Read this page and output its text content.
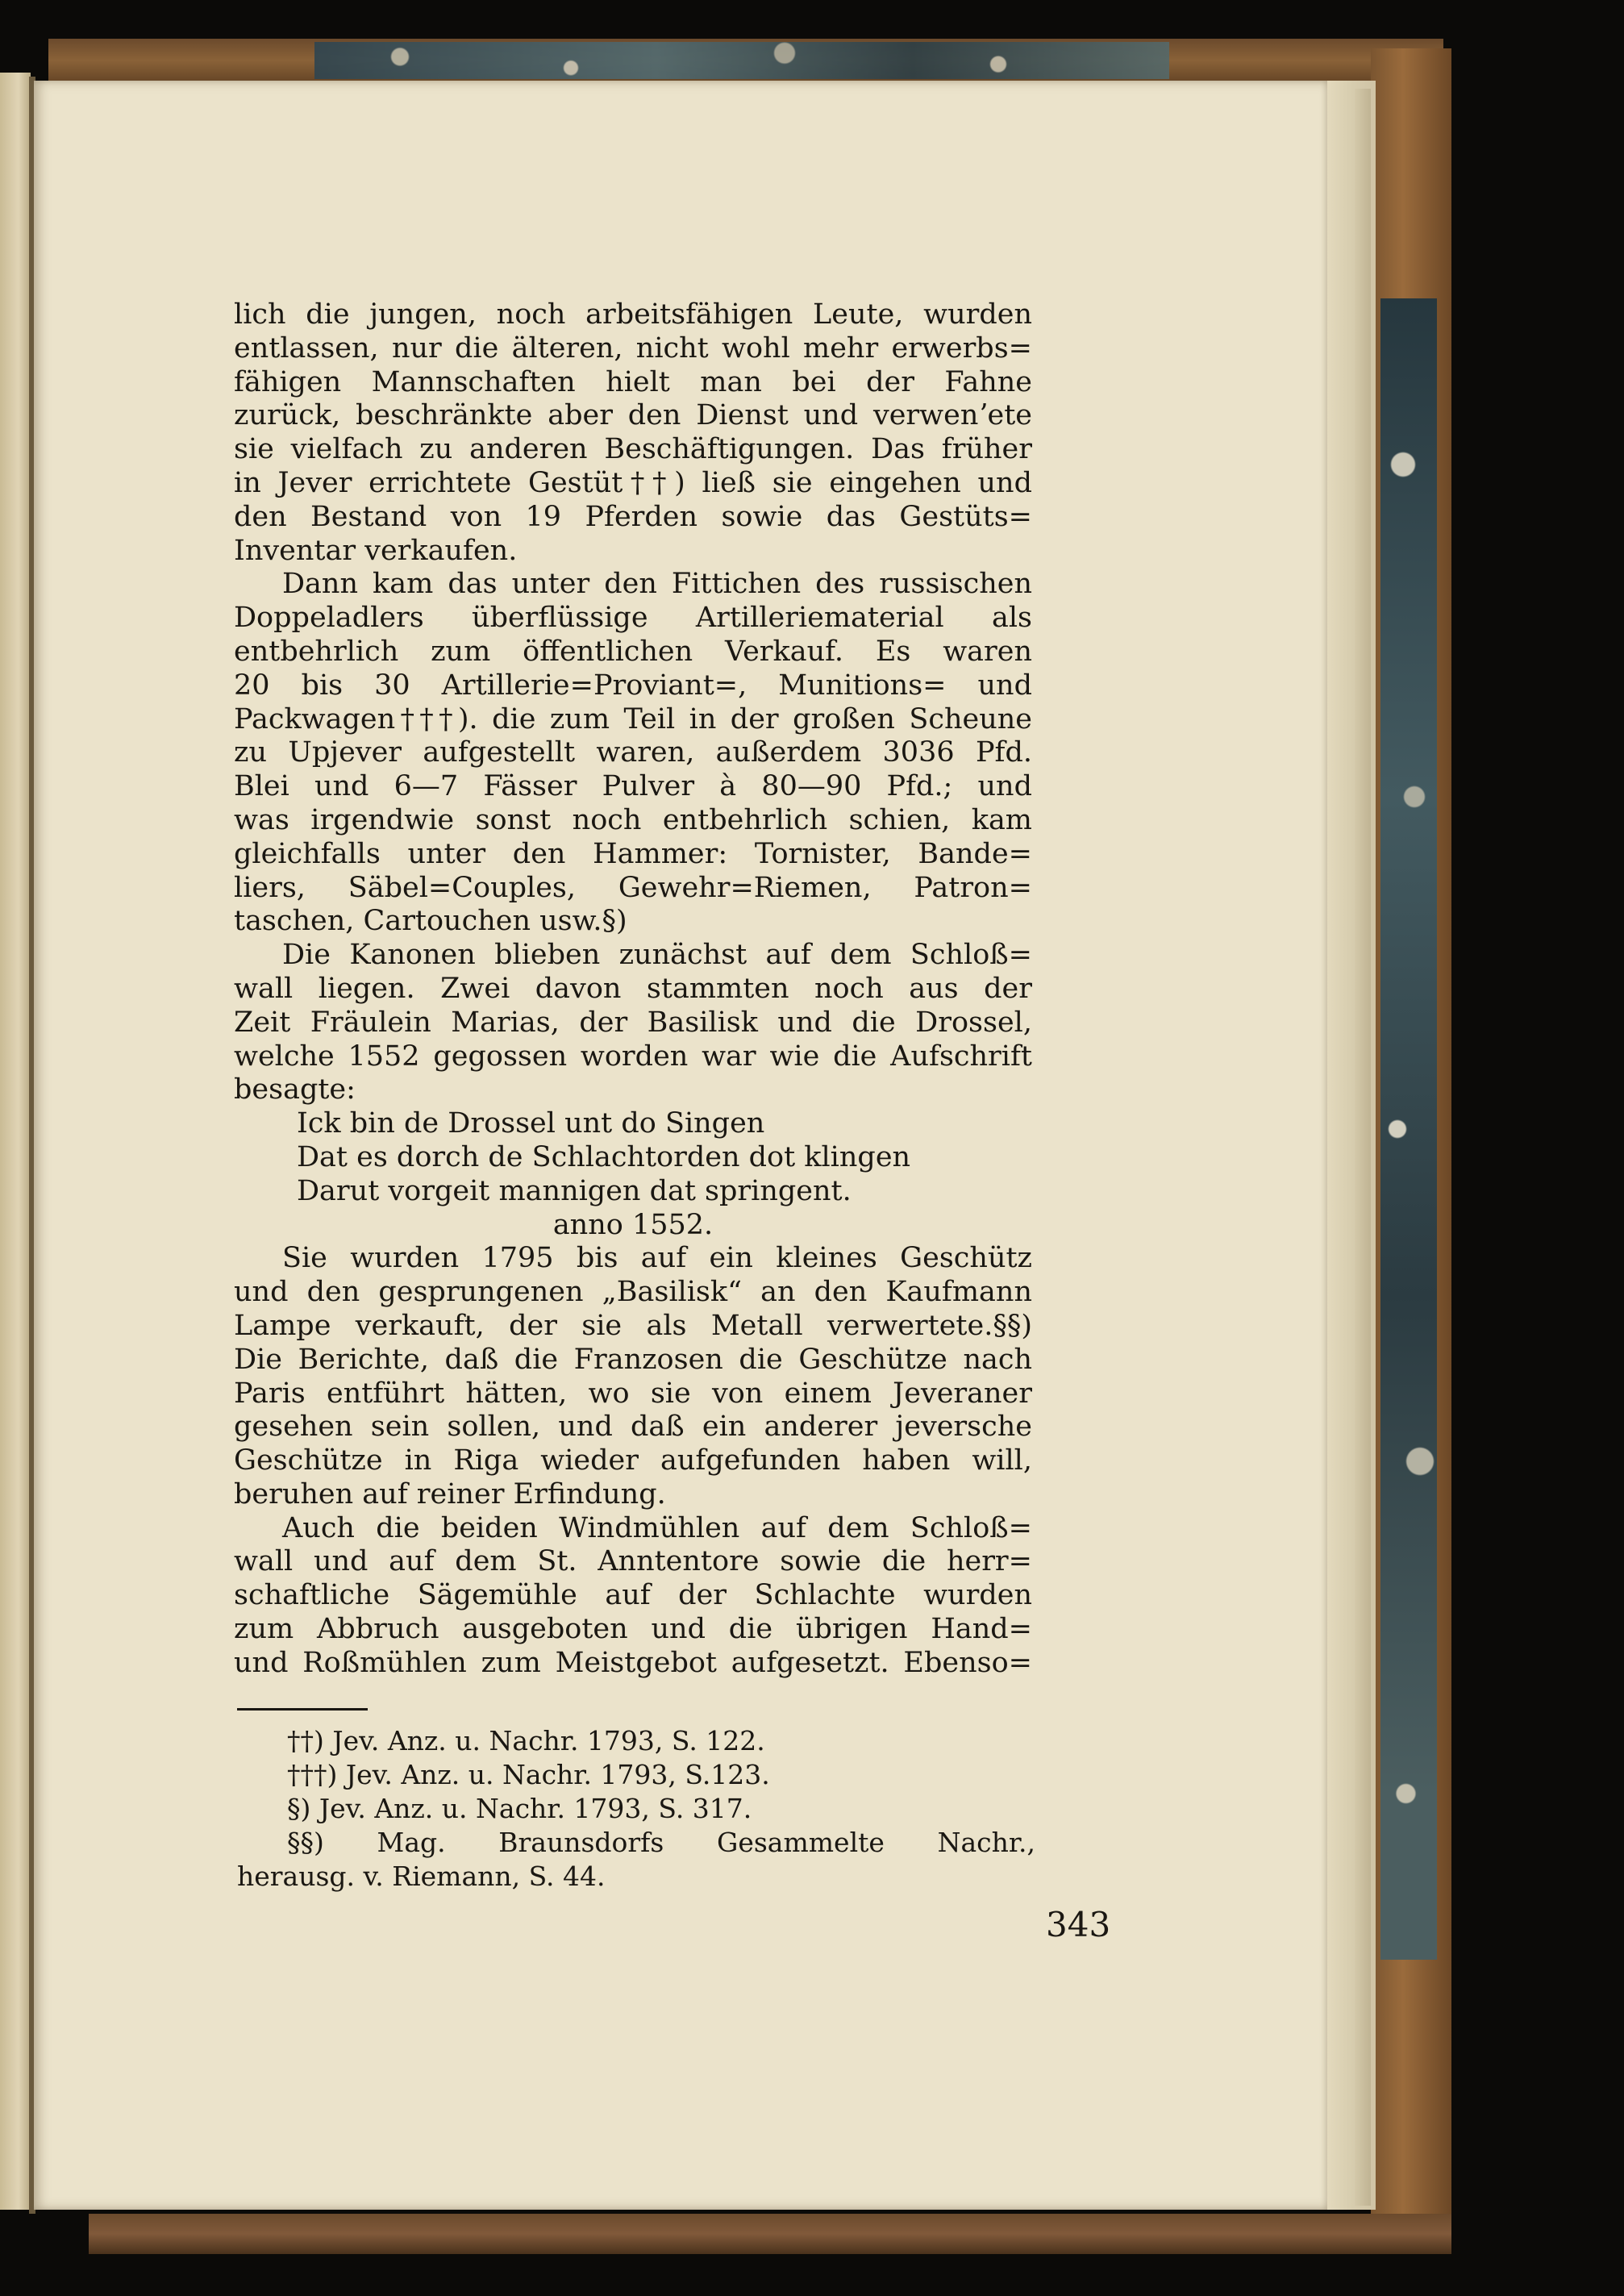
lich die jungen, noch arbeitsfähigen Leute, wurden
entlassen, nur die älteren, nicht wohl mehr erwerbs=
fähigen Mannschaften hielt man bei der Fahne
zurück, beschränkte aber den Dienst und verwenʼete
sie vielfach zu anderen Beschäftigungen. Das früher
in Jever errichtete Gestüt††) ließ sie eingehen und
den Bestand von 19 Pferden sowie das Gestüts=
Inventar verkaufen.
Dann kam das unter den Fittichen des russischen
Doppeladlers überflüssige Artilleriematerial als
entbehrlich zum öffentlichen Verkauf. Es waren
20 bis 30 Artillerie=Proviant=, Munitions= und
Packwagen†††). die zum Teil in der großen Scheune
zu Upjever aufgestellt waren, außerdem 3036 Pfd.
Blei und 6—7 Fässer Pulver à 80—90 Pfd.; und
was irgendwie sonst noch entbehrlich schien, kam
gleichfalls unter den Hammer: Tornister, Bande=
liers, Säbel=Couples, Gewehr=Riemen, Patron=
taschen, Cartouchen usw.§)
Die Kanonen blieben zunächst auf dem Schloß=
wall liegen. Zwei davon stammten noch aus der
Zeit Fräulein Marias, der Basilisk und die Drossel,
welche 1552 gegossen worden war wie die Aufschrift
besagte:
Ick bin de Drossel unt do Singen
Dat es dorch de Schlachtorden dot klingen
Darut vorgeit mannigen dat springent.
anno 1552.
Sie wurden 1795 bis auf ein kleines Geschütz
und den gesprungenen „Basilisk“ an den Kaufmann
Lampe verkauft, der sie als Metall verwertete.§§)
Die Berichte, daß die Franzosen die Geschütze nach
Paris entführt hätten, wo sie von einem Jeveraner
gesehen sein sollen, und daß ein anderer jeversche
Geschütze in Riga wieder aufgefunden haben will,
beruhen auf reiner Erfindung.
Auch die beiden Windmühlen auf dem Schloß=
wall und auf dem St. Anntentore sowie die herr=
schaftliche Sägemühle auf der Schlachte wurden
zum Abbruch ausgeboten und die übrigen Hand=
und Roßmühlen zum Meistgebot aufgesetzt. Ebenso=
††) Jev. Anz. u. Nachr. 1793, S. 122.
†††) Jev. Anz. u. Nachr. 1793, S.123.
§) Jev. Anz. u. Nachr. 1793, S. 317.
§§) Mag. Braunsdorfs Gesammelte Nachr.,
herausg. v. Riemann, S. 44.
343
